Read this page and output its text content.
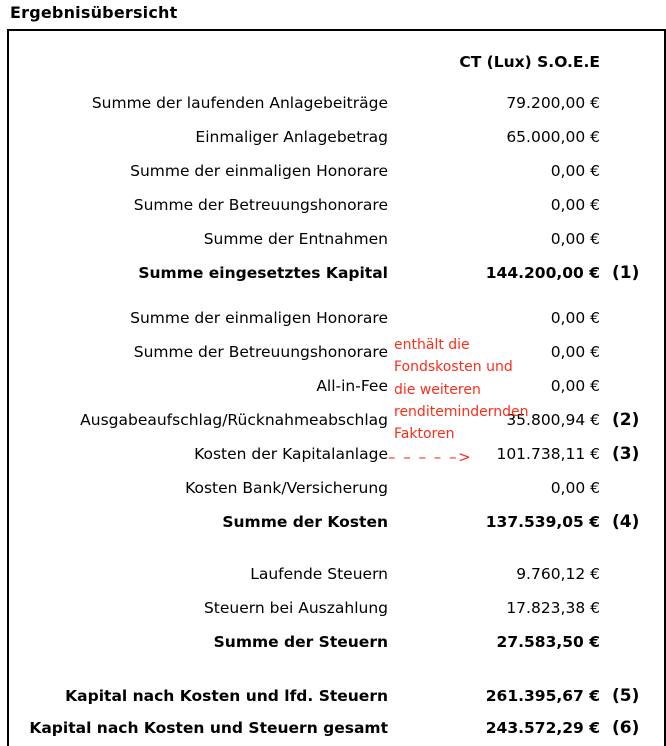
Ergebnisübersicht
CT (Lux) S.O.E.E
Summe der laufenden Anlagebeiträge	79.200,00 €
Einmaliger Anlagebetrag	65.000,00 €
Summe der einmaligen Honorare	0,00 €
Summe der Betreuungshonorare	0,00 €
Summe der Entnahmen	0,00 €
Summe eingesetztes Kapital	144.200,00 € (1)
Summe der einmaligen Honorare	0,00 €
Summe der Betreuungshonorare	0,00 €
All-in-Fee	0,00 €
Ausgabeaufschlag/Rücknahmeabschlag	35.800,94 € (2)
Kosten der Kapitalanlage	101.738,11 € (3)
Kosten Bank/Versicherung	0,00 €
Summe der Kosten	137.539,05 € (4)
Laufende Steuern	9.760,12 €
Steuern bei Auszahlung	17.823,38 €
Summe der Steuern	27.583,50 €
Kapital nach Kosten und lfd. Steuern	261.395,67 € (5)
Kapital nach Kosten und Steuern gesamt	243.572,29 € (6)
enthält die
Fondskosten und
die weiteren
renditemindernden
Faktoren
– – – – –>
